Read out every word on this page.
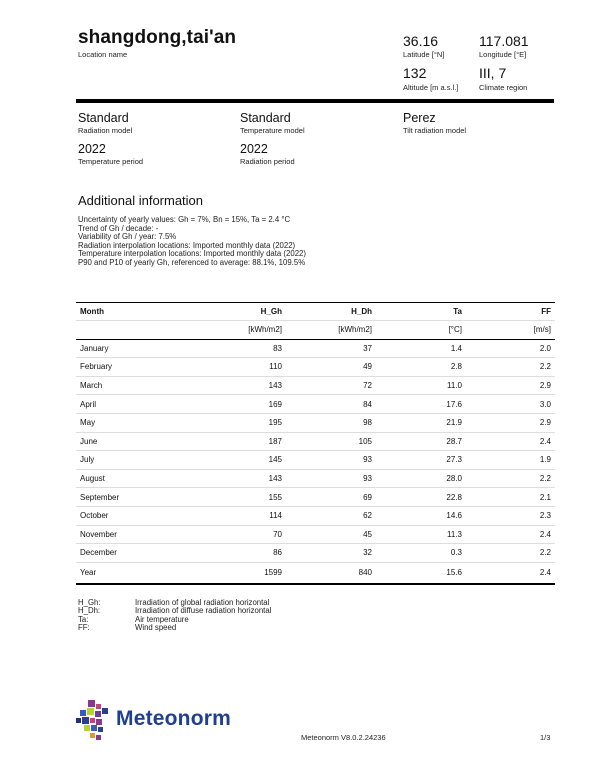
shangdong,tai'an
Location name
36.16
Latitude [°N]
117.081
Longitude [°E]
132
Altitude [m a.s.l.]
III, 7
Climate region
Standard
Radiation model
Standard
Temperature model
Perez
Tilt radiation model
2022
Temperature period
2022
Radiation period
Additional information
Uncertainty of yearly values: Gh = 7%, Bn = 15%, Ta = 2.4 °C
Trend of Gh / decade: -
Variability of Gh / year: 7.5%
Radiation interpolation locations: Imported monthly data (2022)
Temperature interpolation locations: Imported monthly data (2022)
P90 and P10 of yearly Gh, referenced to average: 88.1%, 109.5%
Month	H_Gh	H_Dh	Ta	FF
	[kWh/m2]	[kWh/m2]	[°C]	[m/s]
January	83	37	1.4	2.0
February	110	49	2.8	2.2
March	143	72	11.0	2.9
April	169	84	17.6	3.0
May	195	98	21.9	2.9
June	187	105	28.7	2.4
July	145	93	27.3	1.9
August	143	93	28.0	2.2
September	155	69	22.8	2.1
October	114	62	14.6	2.3
November	70	45	11.3	2.4
December	86	32	0.3	2.2
Year	1599	840	15.6	2.4
H_Gh:	Irradiation of global radiation horizontal
H_Dh:	Irradiation of diffuse radiation horizontal
Ta:	Air temperature
FF:	Wind speed
Meteonorm
Meteonorm V8.0.2.24236	1/3
